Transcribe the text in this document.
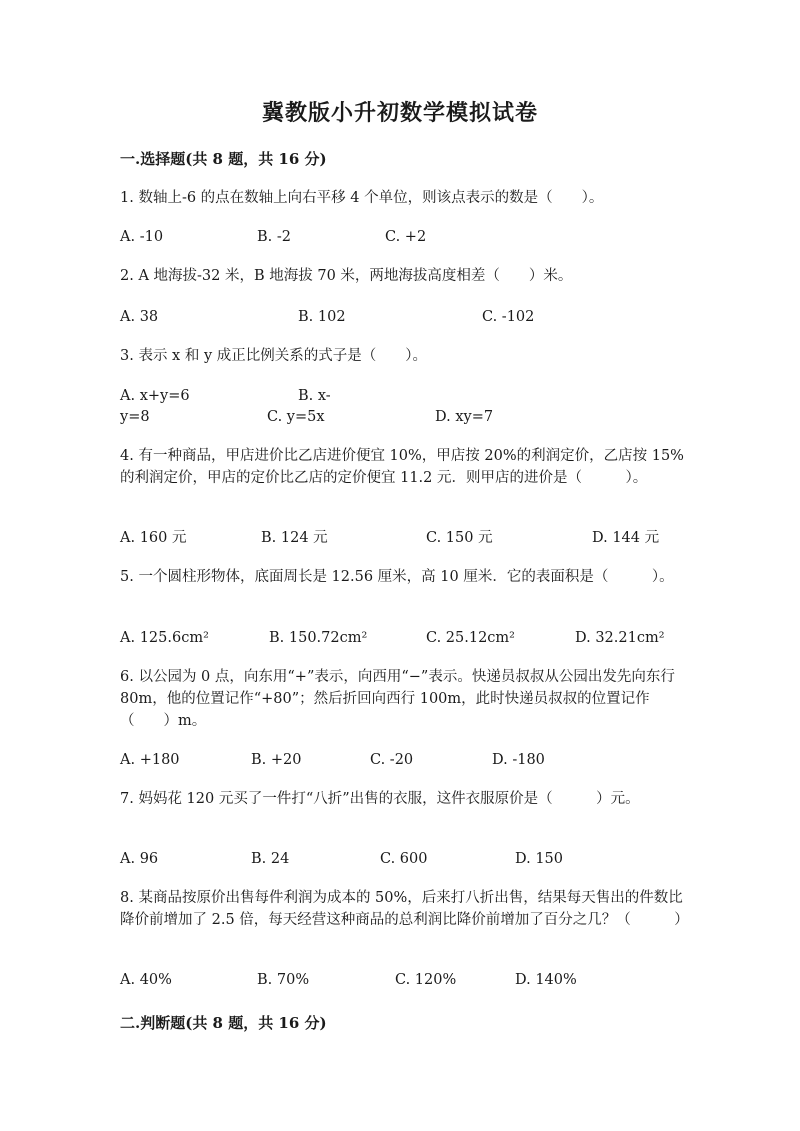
冀教版小升初数学模拟试卷
一.选择题(共 8 题，共 16 分)
1. 数轴上-6 的点在数轴上向右平移 4 个单位，则该点表示的数是（　　）。
A. -10	B. -2	C. +2
2. A 地海拔-32 米，B 地海拔 70 米，两地海拔高度相差（　　）米。
A. 38	B. 102	C. -102
3. 表示 x 和 y 成正比例关系的式子是（　　）。
A. x+y=6	B. x-
y=8	C. y=5x	D. xy=7
4. 有一种商品，甲店进价比乙店进价便宜 10%，甲店按 20%的利润定价，乙店按 15%的利润定价，甲店的定价比乙店的定价便宜 11.2 元．则甲店的进价是（　　　）。
A. 160 元	B. 124 元	C. 150 元	D. 144 元
5. 一个圆柱形物体，底面周长是 12.56 厘米，高 10 厘米．它的表面积是（　　　）。
A. 125.6cm²	B. 150.72cm²	C. 25.12cm²	D. 32.21cm²
6. 以公园为 0 点，向东用“+”表示，向西用“−”表示。快递员叔叔从公园出发先向东行 80m，他的位置记作“+80”；然后折回向西行 100m，此时快递员叔叔的位置记作（　　）m。
A. +180	B. +20	C. -20	D. -180
7. 妈妈花 120 元买了一件打“八折”出售的衣服，这件衣服原价是（　　　）元。
A. 96	B. 24	C. 600	D. 150
8. 某商品按原价出售每件利润为成本的 50%，后来打八折出售，结果每天售出的件数比降价前增加了 2.5 倍，每天经营这种商品的总利润比降价前增加了百分之几？（　　　）
A. 40%	B. 70%	C. 120%	D. 140%
二.判断题(共 8 题，共 16 分)
